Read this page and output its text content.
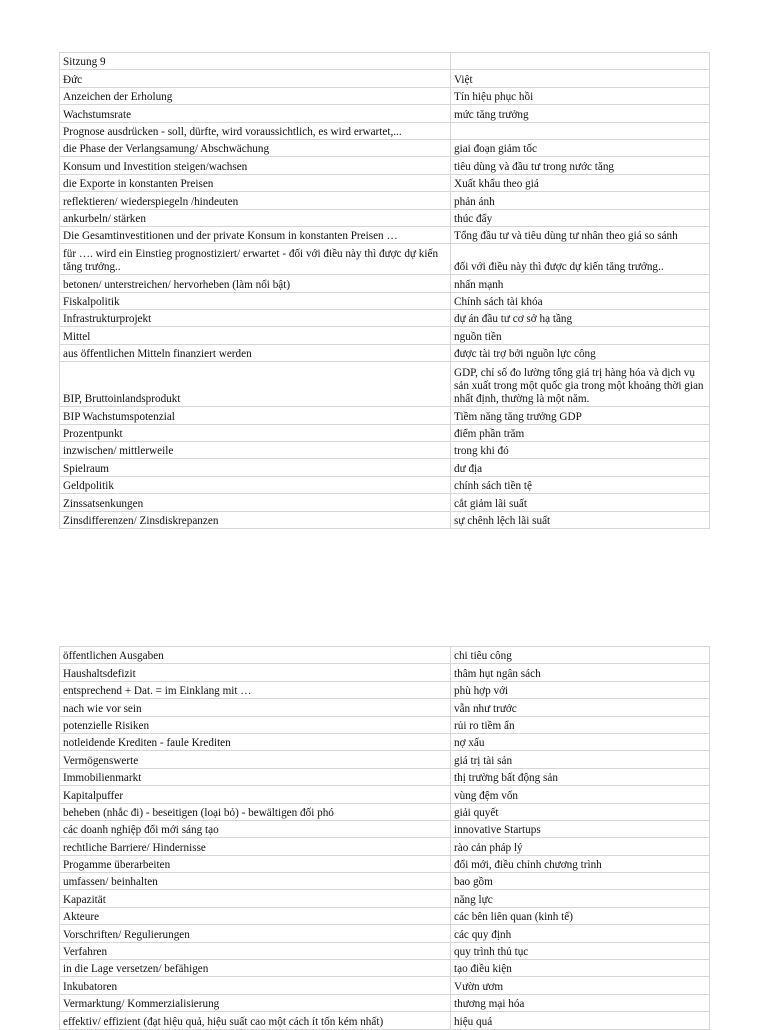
Sitzung 9	
Đức	Việt
Anzeichen der Erholung	Tín hiệu phục hồi
Wachstumsrate	mức tăng trưởng
Prognose ausdrücken - soll, dürfte, wird voraussichtlich, es wird erwartet,...	
die Phase der Verlangsamung/ Abschwächung	giai đoạn giảm tốc
Konsum und Investition steigen/wachsen	tiêu dùng và đầu tư trong nước tăng
die Exporte in konstanten Preisen	Xuất khẩu theo giá
reflektieren/ wiederspiegeln /hindeuten	phản ánh
ankurbeln/ stärken	thúc đẩy
Die Gesamtinvestitionen und der private Konsum in konstanten Preisen …	Tổng đầu tư và tiêu dùng tư nhân theo giá so sánh
für …. wird ein Einstieg prognostiziert/ erwartet - đối với điều này thì được dự kiến tăng trưởng..	đối với điều này thì được dự kiến tăng trưởng..
betonen/ unterstreichen/ hervorheben (làm nổi bật)	nhấn mạnh
Fiskalpolitik	Chính sách tài khóa
Infrastrukturprojekt	dự án đầu tư cơ sở hạ tầng
Mittel	nguồn tiền
aus öffentlichen Mitteln finanziert werden	được tài trợ bởi nguồn lực công
BIP, Bruttoinlandsprodukt	GDP, chỉ số đo lường tổng giá trị hàng hóa và dịch vụ sản xuất trong một quốc gia trong một khoảng thời gian nhất định, thường là một năm.
BIP Wachstumspotenzial	Tiềm năng tăng trưởng GDP
Prozentpunkt	điểm phần trăm
inzwischen/ mittlerweile	trong khi đó
Spielraum	dư địa
Geldpolitik	chính sách tiền tệ
Zinssatsenkungen	cắt giảm lãi suất
Zinsdifferenzen/ Zinsdiskrepanzen	sự chênh lệch lãi suất
öffentlichen Ausgaben	chi tiêu công
Haushaltsdefizit	thâm hụt ngân sách
entsprechend + Dat. = im Einklang mit …	phù hợp với
nach wie vor sein	vẫn như trước
potenzielle Risiken	rủi ro tiềm ẩn
notleidende Krediten - faule Krediten	nợ xấu
Vermögenswerte	giá trị tài sản
Immobilienmarkt	thị trường bất động sản
Kapitalpuffer	vùng đệm vốn
beheben (nhắc đi) - beseitigen (loại bỏ) - bewältigen đối phó	giải quyết
các doanh nghiệp đổi mới sáng tạo	innovative Startups
rechtliche Barriere/ Hindernisse	rào cản pháp lý
Progamme überarbeiten	đổi mới, điều chỉnh chương trình
umfassen/ beinhalten	bao gồm
Kapazität	năng lực
Akteure	các bên liên quan (kinh tế)
Vorschriften/ Regulierungen	các quy định
Verfahren	quy trình thủ tục
in die Lage versetzen/ befähigen	tạo điều kiện
Inkubatoren	Vườn ươm
Vermarktung/ Kommerzialisierung	thương mại hóa
effektiv/ effizient (đạt hiệu quả, hiệu suất cao một cách ít tốn kém nhất)	hiệu quả
